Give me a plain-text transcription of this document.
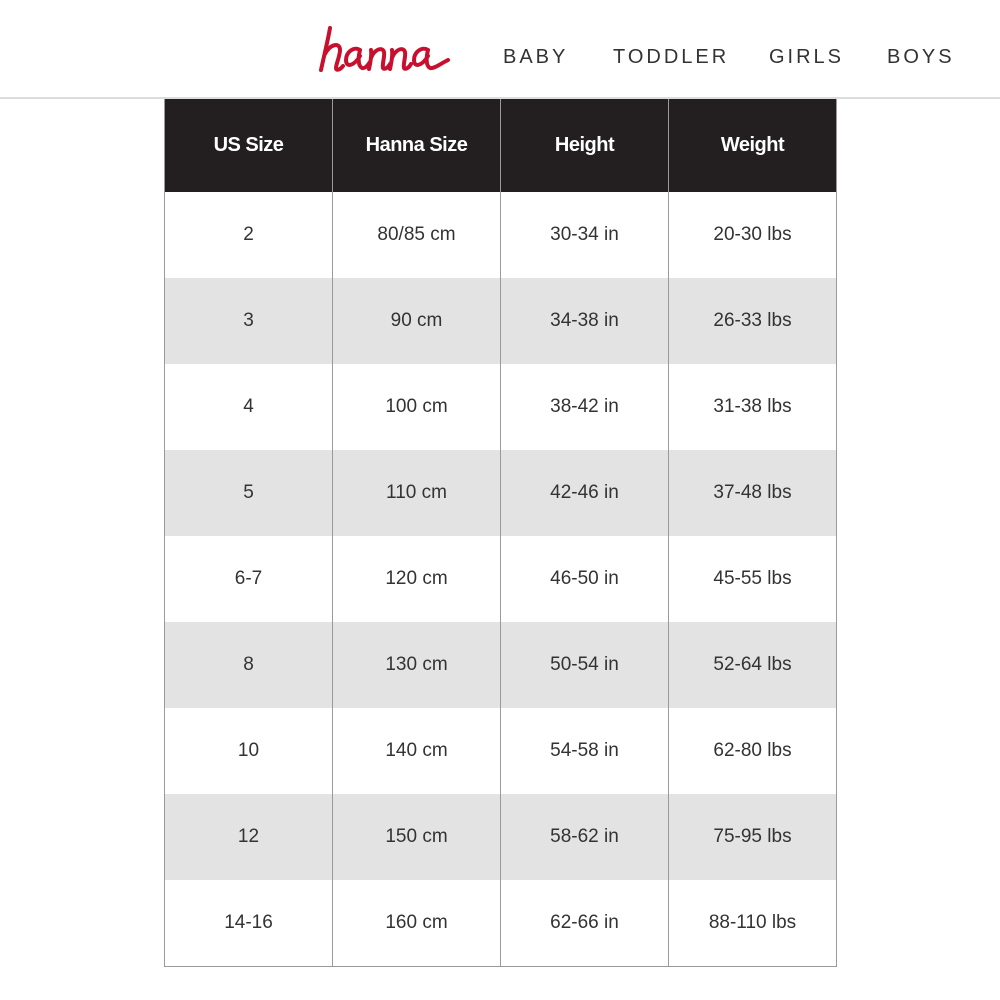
BABY TODDLER GIRLS BOYS
US Size	Hanna Size	Height	Weight
2	80/85 cm	30-34 in	20-30 lbs
3	90 cm	34-38 in	26-33 lbs
4	100 cm	38-42 in	31-38 lbs
5	110 cm	42-46 in	37-48 lbs
6-7	120 cm	46-50 in	45-55 lbs
8	130 cm	50-54 in	52-64 lbs
10	140 cm	54-58 in	62-80 lbs
12	150 cm	58-62 in	75-95 lbs
14-16	160 cm	62-66 in	88-110 lbs
